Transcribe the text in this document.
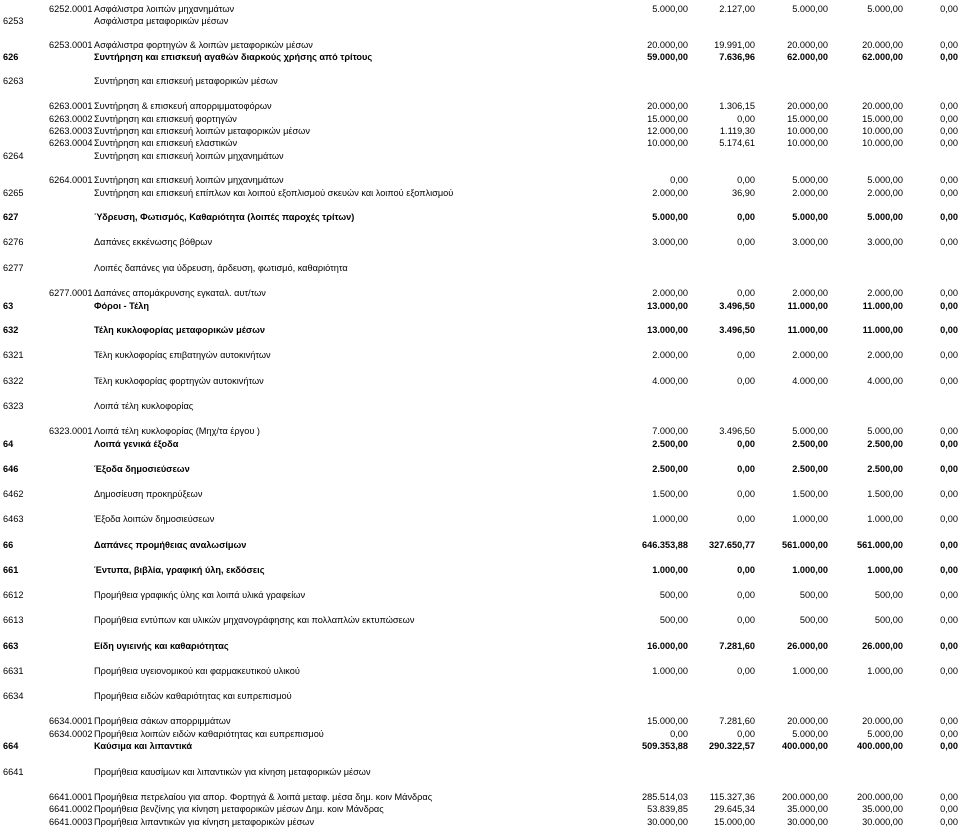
6252.0001 Ασφάλιστρα λοιπών μηχανημάτων	5.000,00	2.127,00	5.000,00	5.000,00	0,00
6253	Ασφάλιστρα μεταφορικών μέσων
6253.0001 Ασφάλιστρα φορτηγών & λοιπών μεταφορικών μέσων	20.000,00	19.991,00	20.000,00	20.000,00	0,00
626	Συντήρηση και επισκευή αγαθών διαρκούς χρήσης από τρίτους	59.000,00	7.636,96	62.000,00	62.000,00	0,00
6263	Συντήρηση και επισκευή μεταφορικών μέσων
6263.0001 Συντήρηση & επισκευή απορριμματοφόρων	20.000,00	1.306,15	20.000,00	20.000,00	0,00
6263.0002 Συντήρηση και επισκευή φορτηγών	15.000,00	0,00	15.000,00	15.000,00	0,00
6263.0003 Συντήρηση και επισκευή λοιπών μεταφορικών μέσων	12.000,00	1.119,30	10.000,00	10.000,00	0,00
6263.0004 Συντήρηση και επισκευή ελαστικών	10.000,00	5.174,61	10.000,00	10.000,00	0,00
6264	Συντήρηση και επισκευή λοιπών μηχανημάτων
6264.0001 Συντήρηση και επισκευή λοιπών μηχανημάτων	0,00	0,00	5.000,00	5.000,00	0,00
6265	Συντήρηση και επισκευή επίπλων και λοιπού εξοπλισμού σκευών και λοιπού εξοπλισμού	2.000,00	36,90	2.000,00	2.000,00	0,00
627	Ύδρευση, Φωτισμός, Καθαριότητα (λοιπές παροχές τρίτων)	5.000,00	0,00	5.000,00	5.000,00	0,00
6276	Δαπάνες εκκένωσης βόθρων	3.000,00	0,00	3.000,00	3.000,00	0,00
6277	Λοιπές δαπάνες για ύδρευση, άρδευση, φωτισμό, καθαριότητα
6277.0001 Δαπάνες απομάκρυνσης εγκαταλ. αυτ/των	2.000,00	0,00	2.000,00	2.000,00	0,00
63	Φόροι - Τέλη	13.000,00	3.496,50	11.000,00	11.000,00	0,00
632	Τέλη κυκλοφορίας μεταφορικών μέσων	13.000,00	3.496,50	11.000,00	11.000,00	0,00
6321	Τέλη κυκλοφορίας επιβατηγών αυτοκινήτων	2.000,00	0,00	2.000,00	2.000,00	0,00
6322	Τέλη κυκλοφορίας φορτηγών αυτοκινήτων	4.000,00	0,00	4.000,00	4.000,00	0,00
6323	Λοιπά τέλη κυκλοφορίας
6323.0001 Λοιπά τέλη κυκλοφορίας (Μηχ/τα έργου )	7.000,00	3.496,50	5.000,00	5.000,00	0,00
64	Λοιπά γενικά έξοδα	2.500,00	0,00	2.500,00	2.500,00	0,00
646	Έξοδα δημοσιεύσεων	2.500,00	0,00	2.500,00	2.500,00	0,00
6462	Δημοσίευση προκηρύξεων	1.500,00	0,00	1.500,00	1.500,00	0,00
6463	Έξοδα λοιπών δημοσιεύσεων	1.000,00	0,00	1.000,00	1.000,00	0,00
66	Δαπάνες προμήθειας αναλωσίμων	646.353,88	327.650,77	561.000,00	561.000,00	0,00
661	Έντυπα, βιβλία, γραφική ύλη, εκδόσεις	1.000,00	0,00	1.000,00	1.000,00	0,00
6612	Προμήθεια γραφικής ύλης και λοιπά υλικά γραφείων	500,00	0,00	500,00	500,00	0,00
6613	Προμήθεια εντύπων και υλικών μηχανογράφησης και πολλαπλών εκτυπώσεων	500,00	0,00	500,00	500,00	0,00
663	Είδη υγιεινής και καθαριότητας	16.000,00	7.281,60	26.000,00	26.000,00	0,00
6631	Προμήθεια υγειονομικού και φαρμακευτικού υλικού	1.000,00	0,00	1.000,00	1.000,00	0,00
6634	Προμήθεια ειδών καθαριότητας και ευπρεπισμού
6634.0001 Προμήθεια σάκων απορριμμάτων	15.000,00	7.281,60	20.000,00	20.000,00	0,00
6634.0002 Προμήθεια λοιπών ειδών καθαριότητας και ευπρεπισμού	0,00	0,00	5.000,00	5.000,00	0,00
664	Καύσιμα και λιπαντικά	509.353,88	290.322,57	400.000,00	400.000,00	0,00
6641	Προμήθεια καυσίμων και λιπαντικών για κίνηση μεταφορικών μέσων
6641.0001 Προμήθεια πετρελαίου για απορ. Φορτηγά & λοιπά μεταφ. μέσα δημ. κοιν Μάνδρας	285.514,03	115.327,36	200.000,00	200.000,00	0,00
6641.0002 Προμήθεια βενζίνης για κίνηση μεταφορικών μέσων Δημ. κοιν Μάνδρας	53.839,85	29.645,34	35.000,00	35.000,00	0,00
6641.0003 Προμήθεια λιπαντικών για κίνηση μεταφορικών μέσων	30.000,00	15.000,00	30.000,00	30.000,00	0,00
